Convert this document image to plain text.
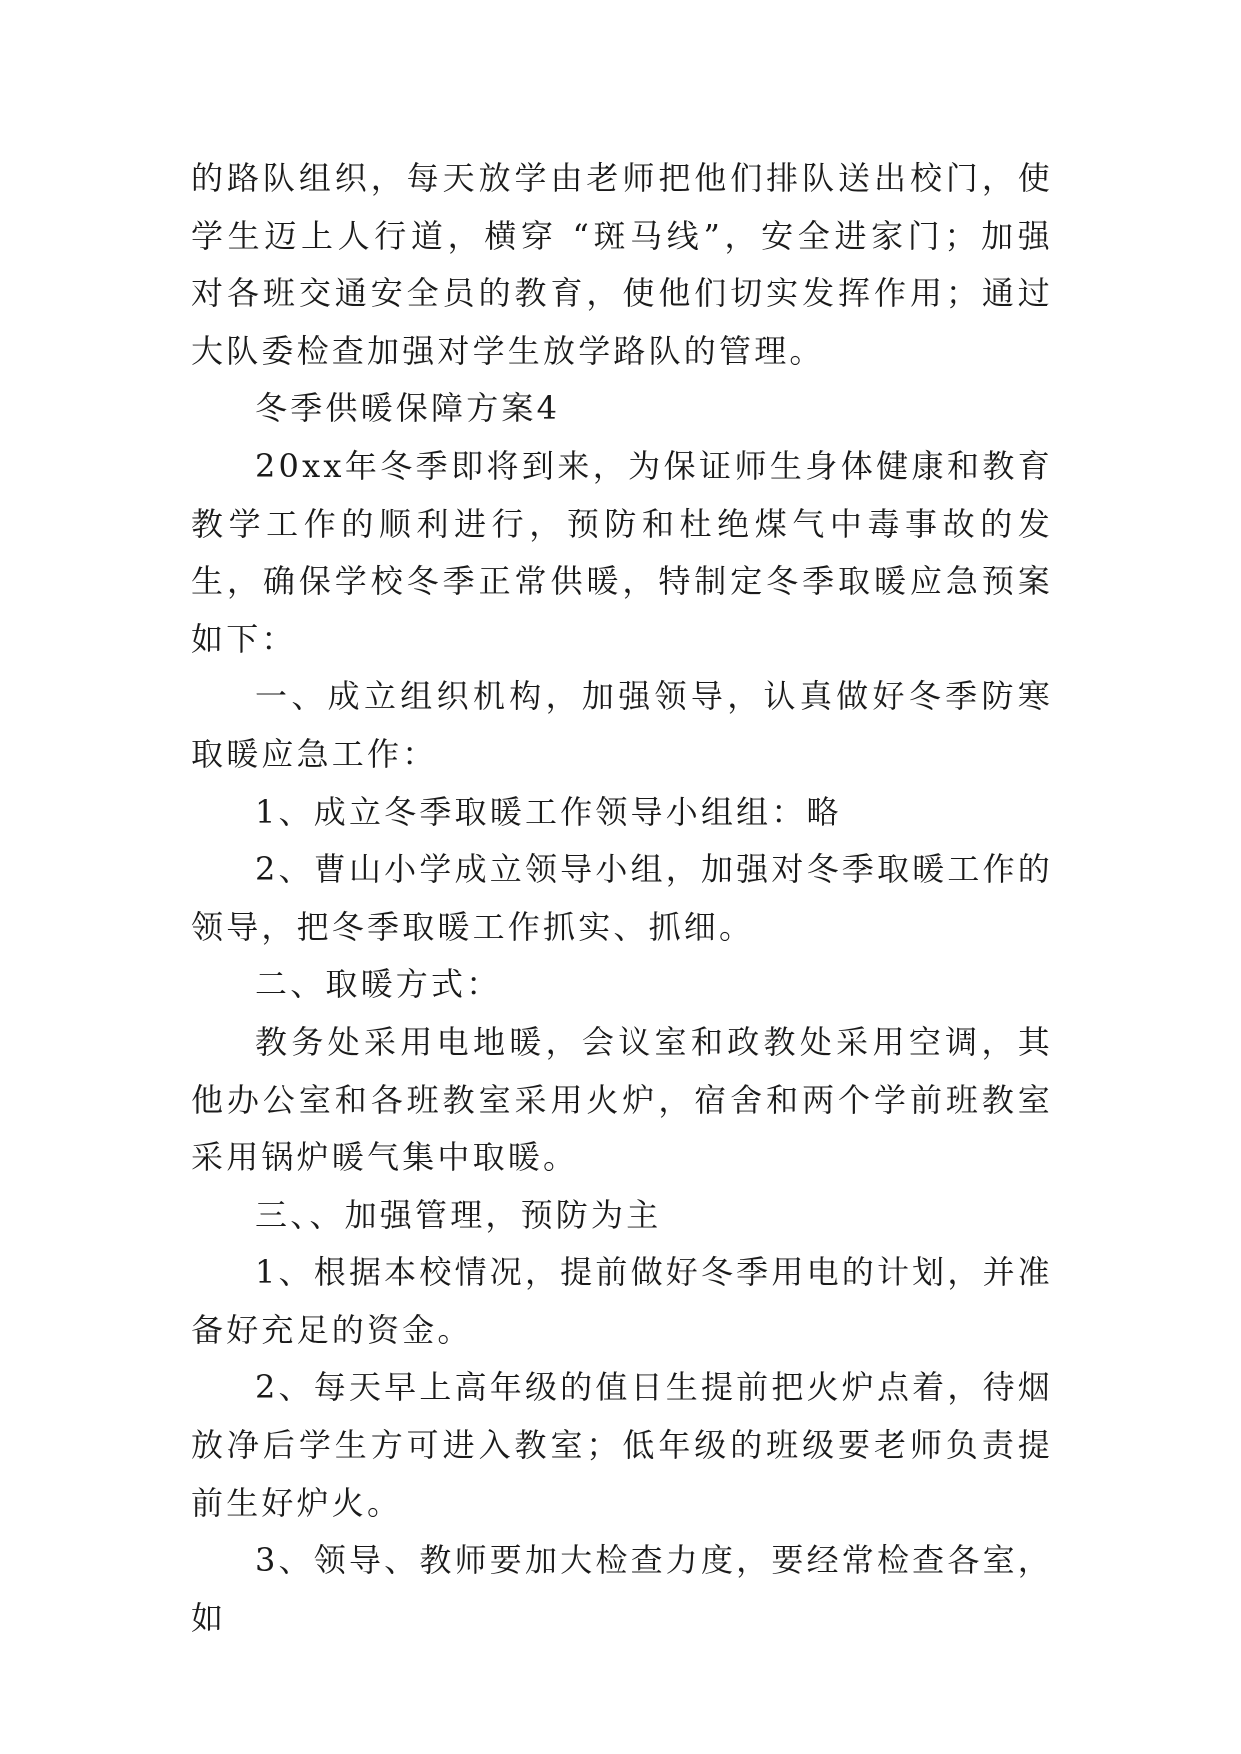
的路队组织，每天放学由老师把他们排队送出校门，使学生迈上人行道，横穿 “斑马线”，安全进家门；加强对各班交通安全员的教育，使他们切实发挥作用；通过大队委检查加强对学生放学路队的管理。

冬季供暖保障方案4

20xx年冬季即将到来，为保证师生身体健康和教育教学工作的顺利进行，预防和杜绝煤气中毒事故的发生，确保学校冬季正常供暖，特制定冬季取暖应急预案如下：

一、成立组织机构，加强领导，认真做好冬季防寒取暖应急工作：

1、成立冬季取暖工作领导小组组：略

2、曹山小学成立领导小组，加强对冬季取暖工作的领导，把冬季取暖工作抓实、抓细。

二、取暖方式：

教务处采用电地暖，会议室和政教处采用空调，其他办公室和各班教室采用火炉，宿舍和两个学前班教室采用锅炉暖气集中取暖。

三、、加强管理，预防为主

1、根据本校情况，提前做好冬季用电的计划，并准备好充足的资金。

2、每天早上高年级的值日生提前把火炉点着，待烟放净后学生方可进入教室；低年级的班级要老师负责提前生好炉火。

3、领导、教师要加大检查力度，要经常检查各室，如
